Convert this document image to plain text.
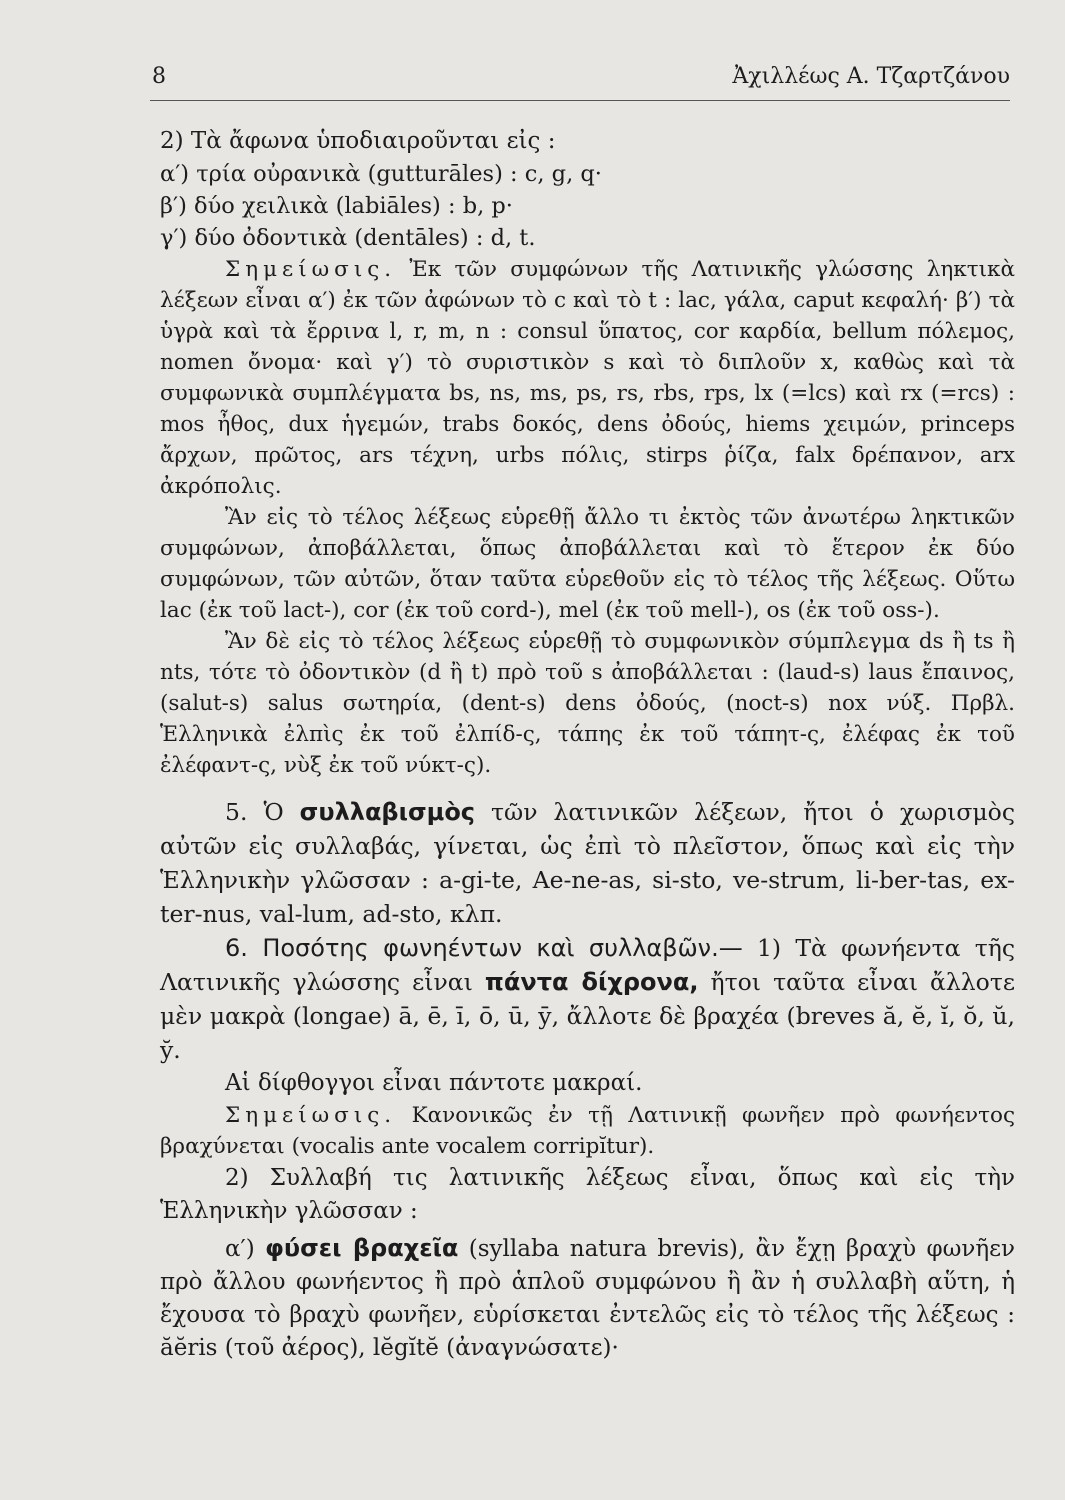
8	Ἀχιλλέως Α. Τζαρτζάνου

2) Τὰ ἄφωνα ὑποδιαιροῦνται εἰς :

α′) τρία οὐρανικὰ (gutturāles) : c, g, q·

β′) δύο χειλικὰ (labiāles) : b, p·

γ′) δύο ὀδοντικὰ (dentāles) : d, t.

Σημείωσις. Ἐκ τῶν συμφώνων τῆς Λατινικῆς γλώσσης ληκτικὰ λέξεων εἶναι α′) ἐκ τῶν ἀφώνων τὸ c καὶ τὸ t : lac, γάλα, caput κεφαλή· β′) τὰ ὑγρὰ καὶ τὰ ἔρρινα l, r, m, n : consul ὕπατος, cor καρδία, bellum πόλεμος, nomen ὄνομα· καὶ γ′) τὸ συριστικὸν s καὶ τὸ διπλοῦν x, καθὼς καὶ τὰ συμφωνικὰ συμπλέγματα bs, ns, ms, ps, rs, rbs, rps, lx (=lcs) καὶ rx (=rcs) : mos ἦθος, dux ἡγεμών, trabs δοκός, dens ὀδούς, hiems χειμών, princeps ἄρχων, πρῶτος, ars τέχνη, urbs πόλις, stirps ῥίζα, falx δρέπανον, arx ἀκρόπολις.

Ἂν εἰς τὸ τέλος λέξεως εὑρεθῇ ἄλλο τι ἐκτὸς τῶν ἀνωτέρω ληκτικῶν συμφώνων, ἀποβάλλεται, ὅπως ἀποβάλλεται καὶ τὸ ἕτερον ἐκ δύο συμφώνων, τῶν αὐτῶν, ὅταν ταῦτα εὑρεθοῦν εἰς τὸ τέλος τῆς λέξεως. Οὕτω lac (ἐκ τοῦ lact-), cor (ἐκ τοῦ cord-), mel (ἐκ τοῦ mell-), os (ἐκ τοῦ oss-).

Ἂν δὲ εἰς τὸ τέλος λέξεως εὑρεθῇ τὸ συμφωνικὸν σύμπλεγμα ds ἢ ts ἢ nts, τότε τὸ ὀδοντικὸν (d ἢ t) πρὸ τοῦ s ἀποβάλλεται : (laud-s) laus ἔπαινος, (salut-s) salus σωτηρία, (dent-s) dens ὀδούς, (noct-s) nox νύξ. Πρβλ. Ἑλληνικὰ ἐλπὶς ἐκ τοῦ ἐλπίδ-ς, τάπης ἐκ τοῦ τάπητ-ς, ἐλέφας ἐκ τοῦ ἐλέφαντ-ς, νὺξ ἐκ τοῦ νύκτ-ς).

5. Ὁ συλλαβισμὸς τῶν λατινικῶν λέξεων, ἤτοι ὁ χωρισμὸς αὐτῶν εἰς συλλαβάς, γίνεται, ὡς ἐπὶ τὸ πλεῖστον, ὅπως καὶ εἰς τὴν Ἑλληνικὴν γλῶσσαν : a-gi-te, Ae-ne-as, si-sto, ve-strum, li-ber-tas, ex-ter-nus, val-lum, ad-sto, κλπ.

6. Ποσότης φωνηέντων καὶ συλλαβῶν.— 1) Τὰ φωνήεντα τῆς Λατινικῆς γλώσσης εἶναι πάντα δίχρονα, ἤτοι ταῦτα εἶναι ἄλλοτε μὲν μακρὰ (longae) ā, ē, ī, ō, ū, ȳ, ἄλλοτε δὲ βραχέα (breves ă, ĕ, ĭ, ŏ, ŭ, y̆.

Αἱ δίφθογγοι εἶναι πάντοτε μακραί.

Σημείωσις. Κανονικῶς ἐν τῇ Λατινικῇ φωνῆεν πρὸ φωνήεντος βραχύνεται (vocalis ante vocalem corripĭtur).

2) Συλλαβή τις λατινικῆς λέξεως εἶναι, ὅπως καὶ εἰς τὴν Ἑλληνικὴν γλῶσσαν :

α′) φύσει βραχεῖα (syllaba natura brevis), ἂν ἔχῃ βραχὺ φωνῆεν πρὸ ἄλλου φωνήεντος ἢ πρὸ ἁπλοῦ συμφώνου ἢ ἂν ἡ συλλαβὴ αὕτη, ἡ ἔχουσα τὸ βραχὺ φωνῆεν, εὑρίσκεται ἐντελῶς εἰς τὸ τέλος τῆς λέξεως : ăĕris (τοῦ ἀέρος), lĕgĭtĕ (ἀναγνώσατε)·
